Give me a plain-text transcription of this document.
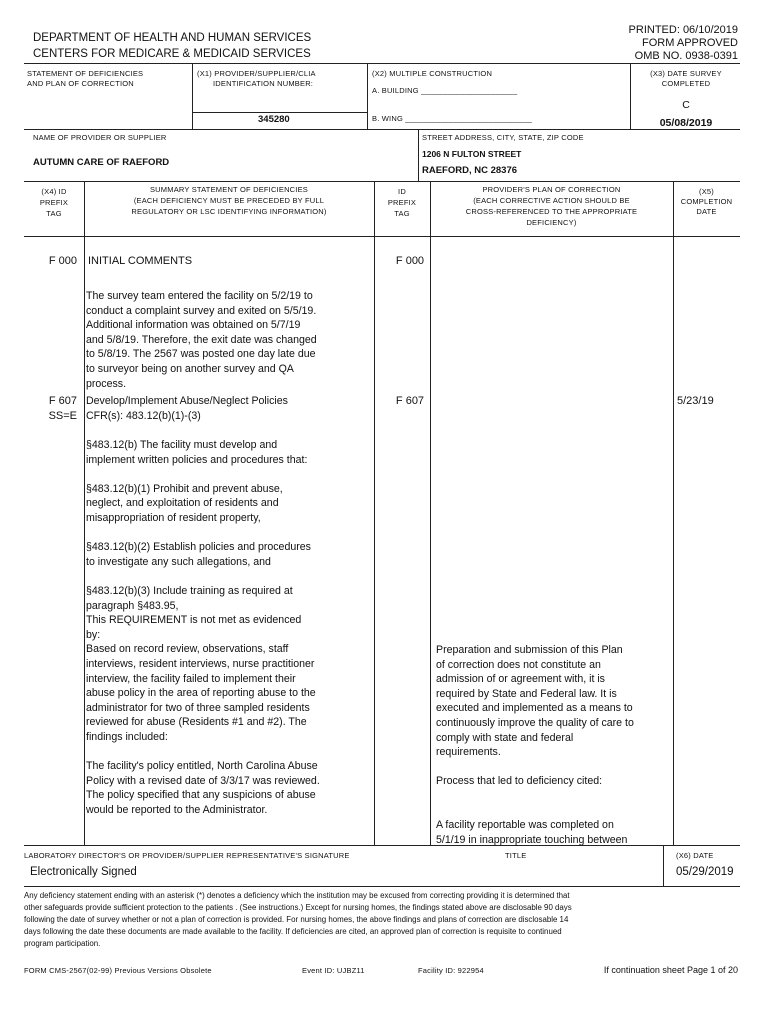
DEPARTMENT OF HEALTH AND HUMAN SERVICES
CENTERS FOR MEDICARE & MEDICAID SERVICES
PRINTED: 06/10/2019
FORM APPROVED
OMB NO. 0938-0391
STATEMENT OF DEFICIENCIES
AND PLAN OF CORRECTION
(X1) PROVIDER/SUPPLIER/CLIA
IDENTIFICATION NUMBER:
345280
(X2) MULTIPLE CONSTRUCTION
A. BUILDING ______________________
B. WING _____________________________
(X3) DATE SURVEY
COMPLETED
C
05/08/2019
NAME OF PROVIDER OR SUPPLIER
AUTUMN CARE OF RAEFORD
STREET ADDRESS, CITY, STATE, ZIP CODE
1206 N FULTON STREET
RAEFORD, NC 28376
(X4) ID
PREFIX
TAG
SUMMARY STATEMENT OF DEFICIENCIES
(EACH DEFICIENCY MUST BE PRECEDED BY FULL
REGULATORY OR LSC IDENTIFYING INFORMATION)
ID
PREFIX
TAG
PROVIDER'S PLAN OF CORRECTION
(EACH CORRECTIVE ACTION SHOULD BE
CROSS-REFERENCED TO THE APPROPRIATE
DEFICIENCY)
(X5)
COMPLETION
DATE
F 000 INITIAL COMMENTS	F 000
The survey team entered the facility on 5/2/19 to
conduct a complaint survey and exited on 5/5/19.
Additional information was obtained on 5/7/19
and 5/8/19. Therefore, the exit date was changed
to 5/8/19. The 2567 was posted one day late due
to surveyor being on another survey and QA
process.
F 607
SS=E
Develop/Implement Abuse/Neglect Policies
CFR(s): 483.12(b)(1)-(3)
F 607	5/23/19
§483.12(b) The facility must develop and
implement written policies and procedures that:

§483.12(b)(1) Prohibit and prevent abuse,
neglect, and exploitation of residents and
misappropriation of resident property,

§483.12(b)(2) Establish policies and procedures
to investigate any such allegations, and

§483.12(b)(3) Include training as required at
paragraph §483.95,
This REQUIREMENT is not met as evidenced
by:
Based on record review, observations, staff
interviews, resident interviews, nurse practitioner
interview, the facility failed to implement their
abuse policy in the area of reporting abuse to the
administrator for two of three sampled residents
reviewed for abuse (Residents #1 and #2). The
findings included:

The facility's policy entitled, North Carolina Abuse
Policy with a revised date of 3/3/17 was reviewed.
The policy specified that any suspicions of abuse
would be reported to the Administrator.
Preparation and submission of this Plan
of correction does not constitute an
admission of or agreement with, it is
required by State and Federal law. It is
executed and implemented as a means to
continuously improve the quality of care to
comply with state and federal
requirements.

Process that led to deficiency cited:

A facility reportable was completed on
5/1/19 in inappropriate touching between
LABORATORY DIRECTOR'S OR PROVIDER/SUPPLIER REPRESENTATIVE'S SIGNATURE
Electronically Signed
TITLE	(X6) DATE
05/29/2019
Any deficiency statement ending with an asterisk (*) denotes a deficiency which the institution may be excused from correcting providing it is determined that
other safeguards provide sufficient protection to the patients . (See instructions.) Except for nursing homes, the findings stated above are disclosable 90 days
following the date of survey whether or not a plan of correction is provided. For nursing homes, the above findings and plans of correction are disclosable 14
days following the date these documents are made available to the facility. If deficiencies are cited, an approved plan of correction is requisite to continued
program participation.
FORM CMS-2567(02-99) Previous Versions Obsolete	Event ID: UJBZ11	Facility ID: 922954	If continuation sheet Page 1 of 20
